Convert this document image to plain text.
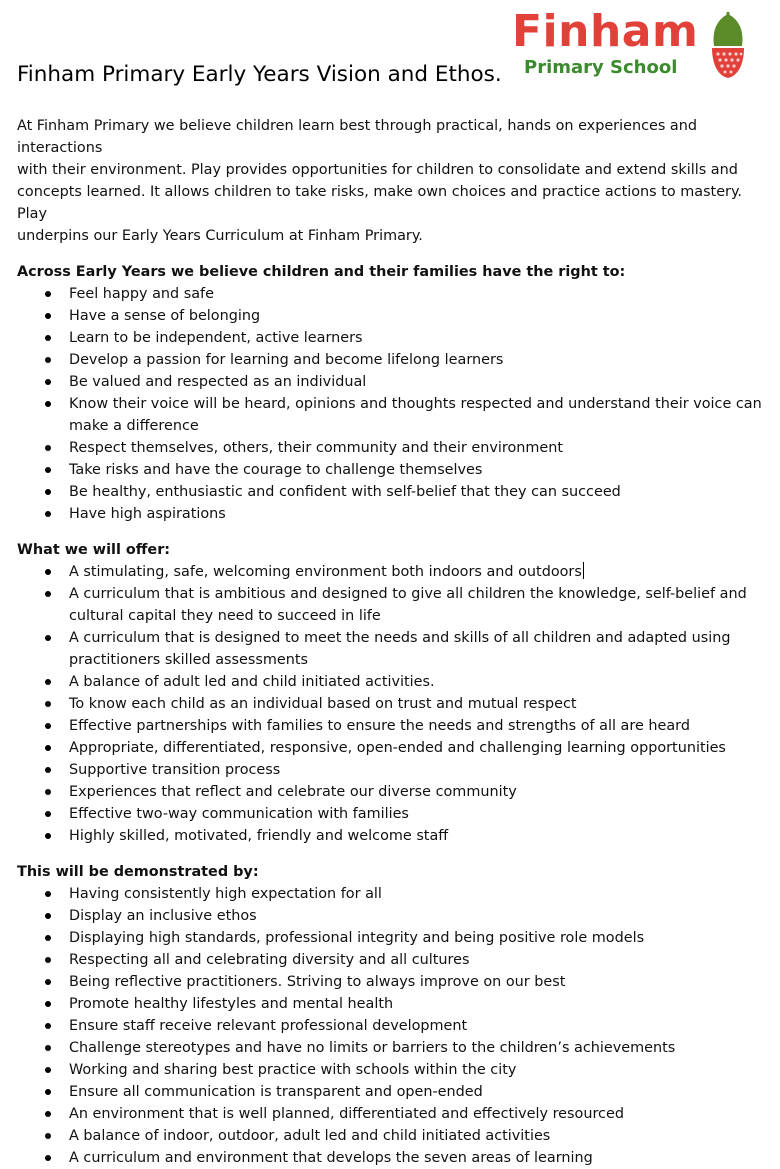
Finham
Primary School
Finham Primary Early Years Vision and Ethos.

At Finham Primary we believe children learn best through practical, hands on experiences and interactions
with their environment. Play provides opportunities for children to consolidate and extend skills and
concepts learned. It allows children to take risks, make own choices and practice actions to mastery. Play
underpins our Early Years Curriculum at Finham Primary.

Across Early Years we believe children and their families have the right to:
Feel happy and safe
Have a sense of belonging
Learn to be independent, active learners
Develop a passion for learning and become lifelong learners
Be valued and respected as an individual
Know their voice will be heard, opinions and thoughts respected and understand their voice can
make a difference
Respect themselves, others, their community and their environment
Take risks and have the courage to challenge themselves
Be healthy, enthusiastic and confident with self-belief that they can succeed
Have high aspirations
What we will offer:
A stimulating, safe, welcoming environment both indoors and outdoors
A curriculum that is ambitious and designed to give all children the knowledge, self-belief and
cultural capital they need to succeed in life
A curriculum that is designed to meet the needs and skills of all children and adapted using
practitioners skilled assessments
A balance of adult led and child initiated activities.
To know each child as an individual based on trust and mutual respect
Effective partnerships with families to ensure the needs and strengths of all are heard
Appropriate, differentiated, responsive, open-ended and challenging learning opportunities
Supportive transition process
Experiences that reflect and celebrate our diverse community
Effective two-way communication with families
Highly skilled, motivated, friendly and welcome staff
This will be demonstrated by:
Having consistently high expectation for all
Display an inclusive ethos
Displaying high standards, professional integrity and being positive role models
Respecting all and celebrating diversity and all cultures
Being reflective practitioners. Striving to always improve on our best
Promote healthy lifestyles and mental health
Ensure staff receive relevant professional development
Challenge stereotypes and have no limits or barriers to the children’s achievements
Working and sharing best practice with schools within the city
Ensure all communication is transparent and open-ended
An environment that is well planned, differentiated and effectively resourced
A balance of indoor, outdoor, adult led and child initiated activities
A curriculum and environment that develops the seven areas of learning
